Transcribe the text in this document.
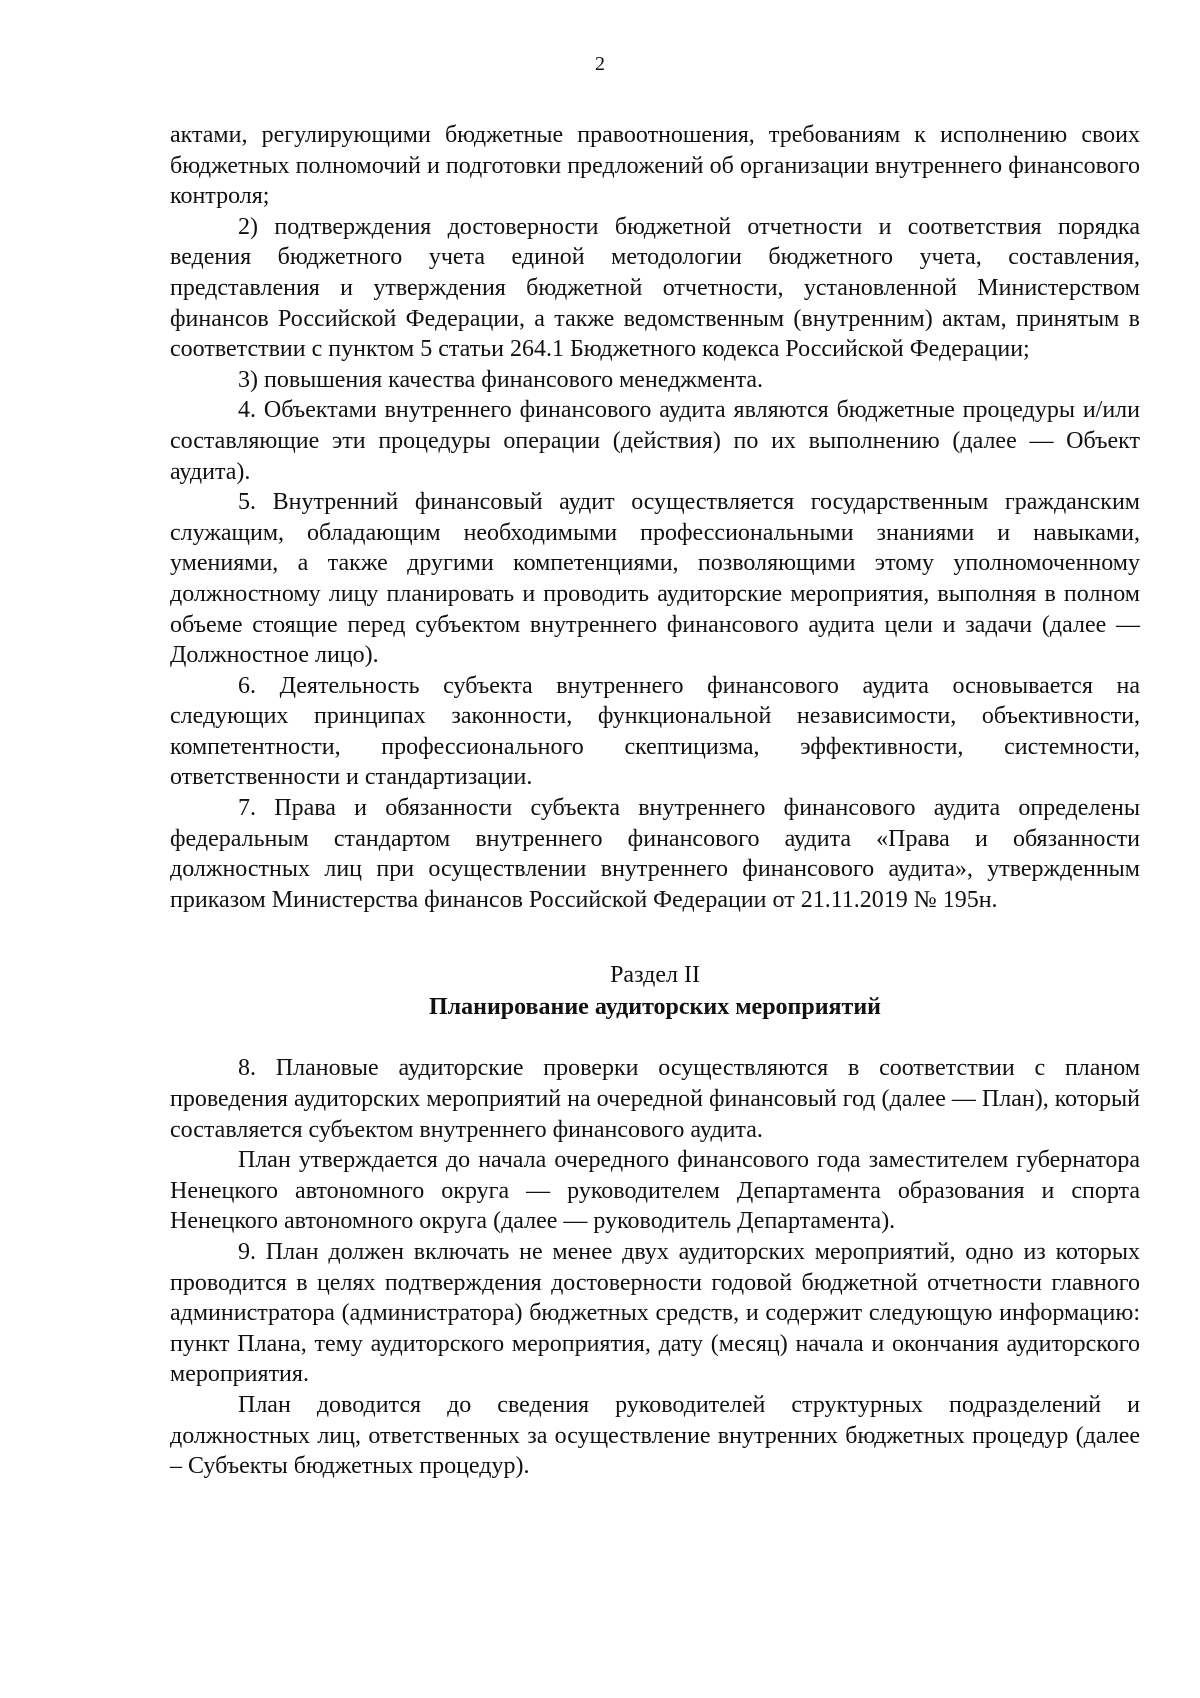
2

актами, регулирующими бюджетные правоотношения, требованиям к исполнению своих бюджетных полномочий и подготовки предложений об организации внутреннего финансового контроля;

2) подтверждения достоверности бюджетной отчетности и соответствия порядка ведения бюджетного учета единой методологии бюджетного учета, составления, представления и утверждения бюджетной отчетности, установленной Министерством финансов Российской Федерации, а также ведомственным (внутренним) актам, принятым в соответствии с пунктом 5 статьи 264.1 Бюджетного кодекса Российской Федерации;

3) повышения качества финансового менеджмента.

4. Объектами внутреннего финансового аудита являются бюджетные процедуры и/или составляющие эти процедуры операции (действия) по их выполнению (далее — Объект аудита).

5. Внутренний финансовый аудит осуществляется государственным гражданским служащим, обладающим необходимыми профессиональными знаниями и навыками, умениями, а также другими компетенциями, позволяющими этому уполномоченному должностному лицу планировать и проводить аудиторские мероприятия, выполняя в полном объеме стоящие перед субъектом внутреннего финансового аудита цели и задачи (далее — Должностное лицо).

6. Деятельность субъекта внутреннего финансового аудита основывается на следующих принципах законности, функциональной независимости, объективности, компетентности, профессионального скептицизма, эффективности, системности, ответственности и стандартизации.

7. Права и обязанности субъекта внутреннего финансового аудита определены федеральным стандартом внутреннего финансового аудита «Права и обязанности должностных лиц при осуществлении внутреннего финансового аудита», утвержденным приказом Министерства финансов Российской Федерации от 21.11.2019 № 195н.

Раздел II
Планирование аудиторских мероприятий

8. Плановые аудиторские проверки осуществляются в соответствии с планом проведения аудиторских мероприятий на очередной финансовый год (далее — План), который составляется субъектом внутреннего финансового аудита.

План утверждается до начала очередного финансового года заместителем губернатора Ненецкого автономного округа — руководителем Департамента образования и спорта Ненецкого автономного округа (далее — руководитель Департамента).

9. План должен включать не менее двух аудиторских мероприятий, одно из которых проводится в целях подтверждения достоверности годовой бюджетной отчетности главного администратора (администратора) бюджетных средств, и содержит следующую информацию: пункт Плана, тему аудиторского мероприятия, дату (месяц) начала и окончания аудиторского мероприятия.

План доводится до сведения руководителей структурных подразделений и должностных лиц, ответственных за осуществление внутренних бюджетных процедур (далее – Субъекты бюджетных процедур).
